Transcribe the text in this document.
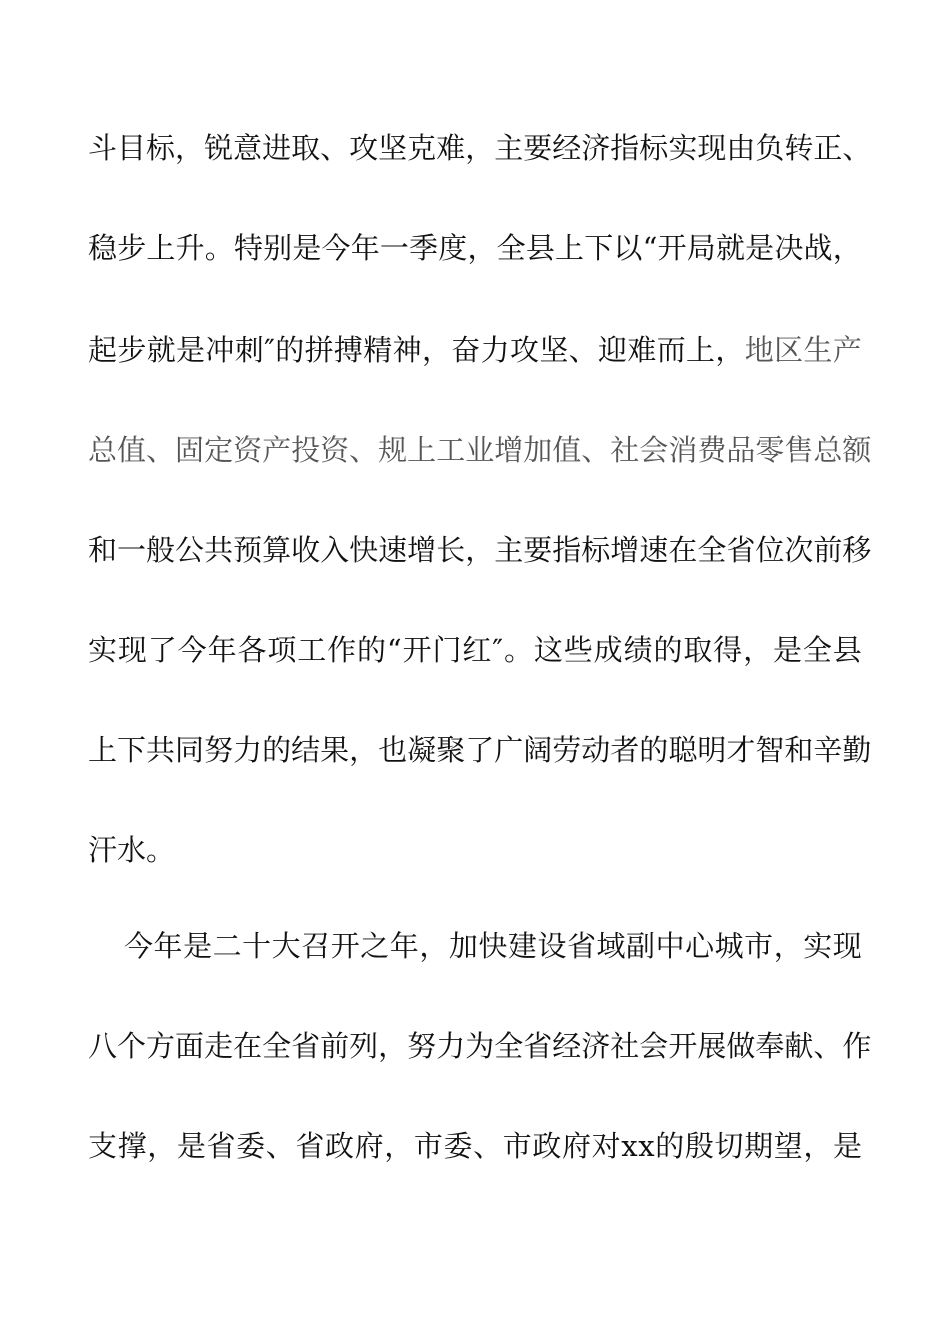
斗 目 标 ， 锐 意 进 取 、 攻 坚 克 难 ， 主 要 经 济 指 标 实 现 由 负 转 正 、
稳 步 上 升 。 特 别 是 今 年 一 季 度 ， 全 县 上 下 以 “ 开 局 就 是 决 战 ，
起 步 就 是 冲 刺 ″ 的 拼 搏 精 神 ， 奋 力 攻 坚 、 迎 难 而 上 ， 地 区 生 产
总 值 、 固 定 资 产 投 资 、 规 上 工 业 增 加 值 、 社 会 消 费 品 零 售 总 额
和 一 般 公 共 预 算 收 入 快 速 增 长 ， 主 要 指 标 增 速 在 全 省 位 次 前 移
实 现 了 今 年 各 项 工 作 的 “ 开 门 红 ″ 。 这 些 成 绩 的 取 得 ， 是 全 县
上 下 共 同 努 力 的 结 果 ， 也 凝 聚 了 广 阔 劳 动 者 的 聪 明 才 智 和 辛 勤
汗水。
今 年 是 二 十 大 召 开 之 年 ， 加 快 建 设 省 域 副 中 心 城 市 ， 实 现
八 个 方 面 走 在 全 省 前 列 ， 努 力 为 全 省 经 济 社 会 开 展 做 奉 献 、 作
支 撑 ， 是 省 委 、 省 政 府 ， 市 委 、 市 政 府 对 x x 的 殷 切 期 望 ， 是
